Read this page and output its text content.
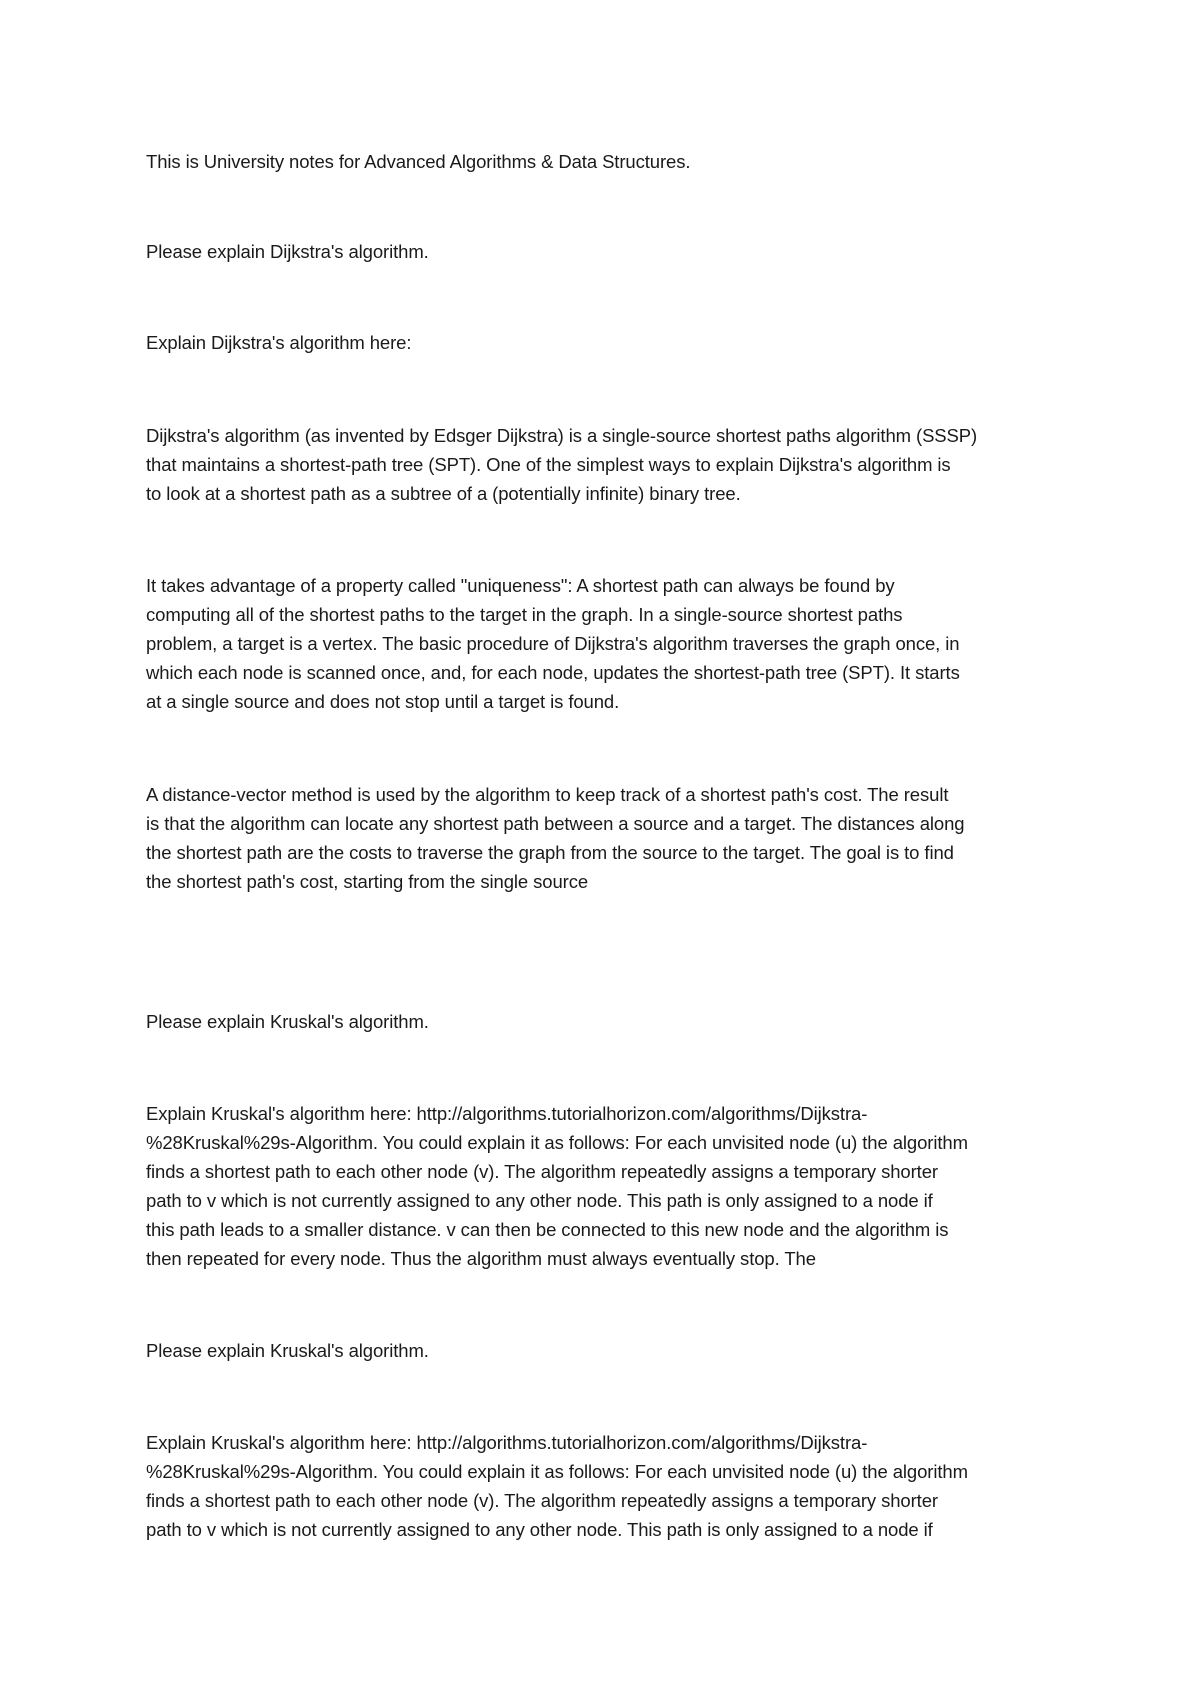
This is University notes for Advanced Algorithms & Data Structures.

Please explain Dijkstra's algorithm.

Explain Dijkstra's algorithm here:

Dijkstra's algorithm (as invented by Edsger Dijkstra) is a single-source shortest paths algorithm (SSSP)
that maintains a shortest-path tree (SPT). One of the simplest ways to explain Dijkstra's algorithm is
to look at a shortest path as a subtree of a (potentially infinite) binary tree.

It takes advantage of a property called "uniqueness": A shortest path can always be found by
computing all of the shortest paths to the target in the graph. In a single-source shortest paths
problem, a target is a vertex. The basic procedure of Dijkstra's algorithm traverses the graph once, in
which each node is scanned once, and, for each node, updates the shortest-path tree (SPT). It starts
at a single source and does not stop until a target is found.

A distance-vector method is used by the algorithm to keep track of a shortest path's cost. The result
is that the algorithm can locate any shortest path between a source and a target. The distances along
the shortest path are the costs to traverse the graph from the source to the target. The goal is to find
the shortest path's cost, starting from the single source

Please explain Kruskal's algorithm.

Explain Kruskal's algorithm here: http://algorithms.tutorialhorizon.com/algorithms/Dijkstra-
%28Kruskal%29s-Algorithm. You could explain it as follows: For each unvisited node (u) the algorithm
finds a shortest path to each other node (v). The algorithm repeatedly assigns a temporary shorter
path to v which is not currently assigned to any other node. This path is only assigned to a node if
this path leads to a smaller distance. v can then be connected to this new node and the algorithm is
then repeated for every node. Thus the algorithm must always eventually stop. The

Please explain Kruskal's algorithm.

Explain Kruskal's algorithm here: http://algorithms.tutorialhorizon.com/algorithms/Dijkstra-
%28Kruskal%29s-Algorithm. You could explain it as follows: For each unvisited node (u) the algorithm
finds a shortest path to each other node (v). The algorithm repeatedly assigns a temporary shorter
path to v which is not currently assigned to any other node. This path is only assigned to a node if
